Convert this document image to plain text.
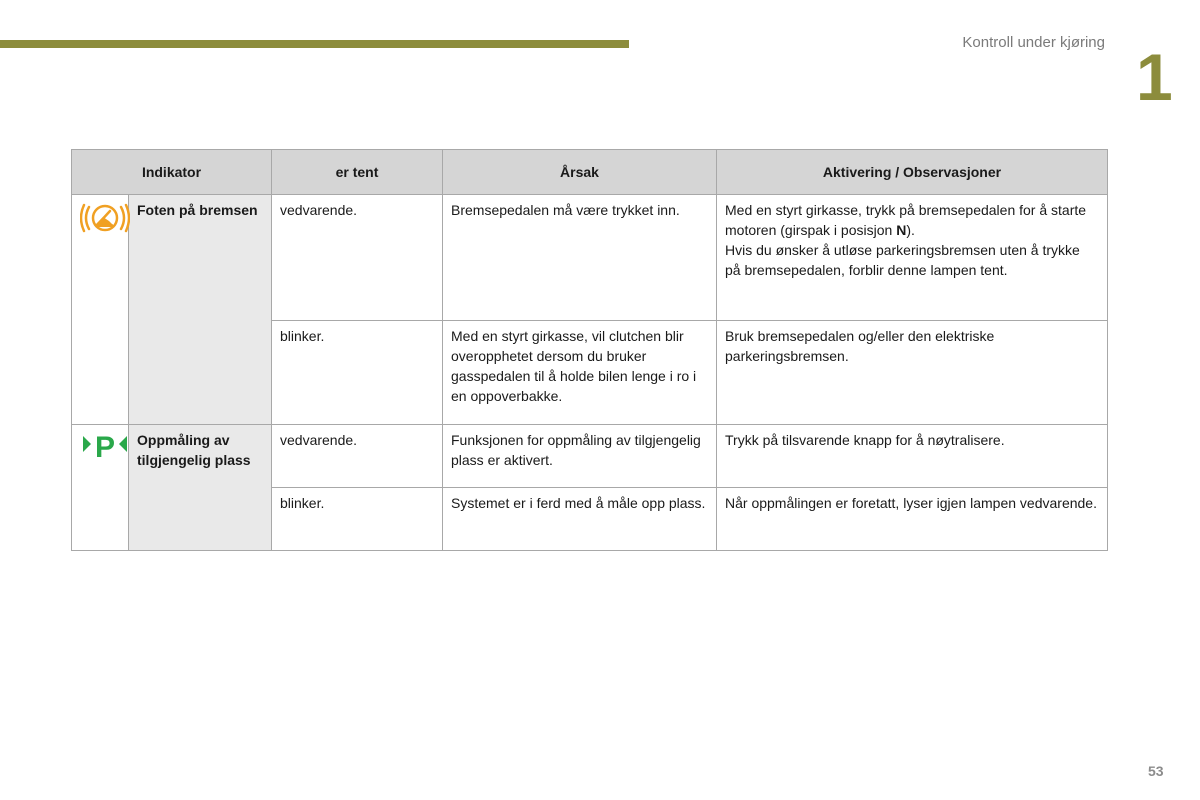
Kontroll under kjøring 1
Indikator		er tent	Årsak	Aktivering / Observasjoner
	Foten på bremsen	vedvarende.	Bremsepedalen må være trykket inn.	Med en styrt girkasse, trykk på bremsepedalen for å starte motoren (girspak i posisjon N).
Hvis du ønsker å utløse parkeringsbremsen uten å trykke på bremsepedalen, forblir denne lampen tent.
		blinker.	Med en styrt girkasse, vil clutchen blir overopphetet dersom du bruker gasspedalen til å holde bilen lenge i ro i en oppoverbakke.	Bruk bremsepedalen og/eller den elektriske parkeringsbremsen.

P	Oppmåling av tilgjengelig plass	vedvarende.	Funksjonen for oppmåling av tilgjengelig plass er aktivert.	Trykk på tilsvarende knapp for å nøytralisere.
		blinker.	Systemet er i ferd med å måle opp plass.	Når oppmålingen er foretatt, lyser igjen lampen vedvarende.
53
